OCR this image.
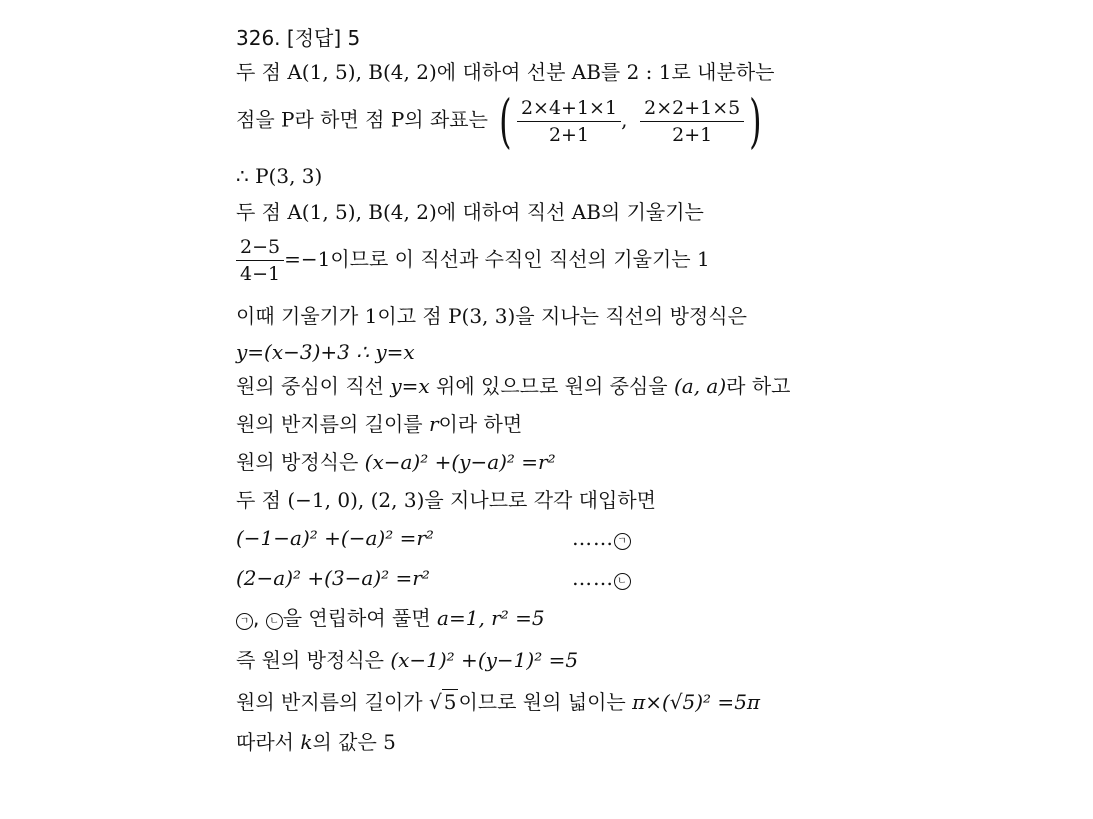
326. [정답] 5
두 점 A(1, 5), B(4, 2)에 대하여 선분 AB를 2 : 1로 내분하는
점을 P라 하면 점 P의 좌표는 ( $\frac{2\times 4+1\times 1}{2+1}$ , $\frac{2\times 2+1\times 5}{2+1}$ )
∴ P(3, 3)
두 점 A(1, 5), B(4, 2)에 대하여 직선 AB의 기울기는
$\frac{2-5}{4-1} =-1$이므로 이 직선과 수직인 직선의 기울기는 1
이때 기울기가 1이고 점 P(3, 3)을 지나는 직선의 방정식은
y=(x−3)+3 ∴ y=x
원의 중심이 직선 y=x 위에 있으므로 원의 중심을 (a, a)라 하고
원의 반지름의 길이를 r이라 하면
원의 방정식은 (x−a)² +(y−a)² =r²
두 점 (−1, 0), (2, 3)을 지나므로 각각 대입하면
(−1−a)² +(−a)² =r²	…… ㄱ
(2−a)² +(3−a)² =r²	…… ㄴ
ㄱ , ㄴ 을 연립하여 풀면 a=1, r² =5
즉 원의 방정식은 (x−1)² +(y−1)² =5
원의 반지름의 길이가 √ 5 이므로 원의 넓이는 π×(√5)² =5π
따라서 k의 값은 5
